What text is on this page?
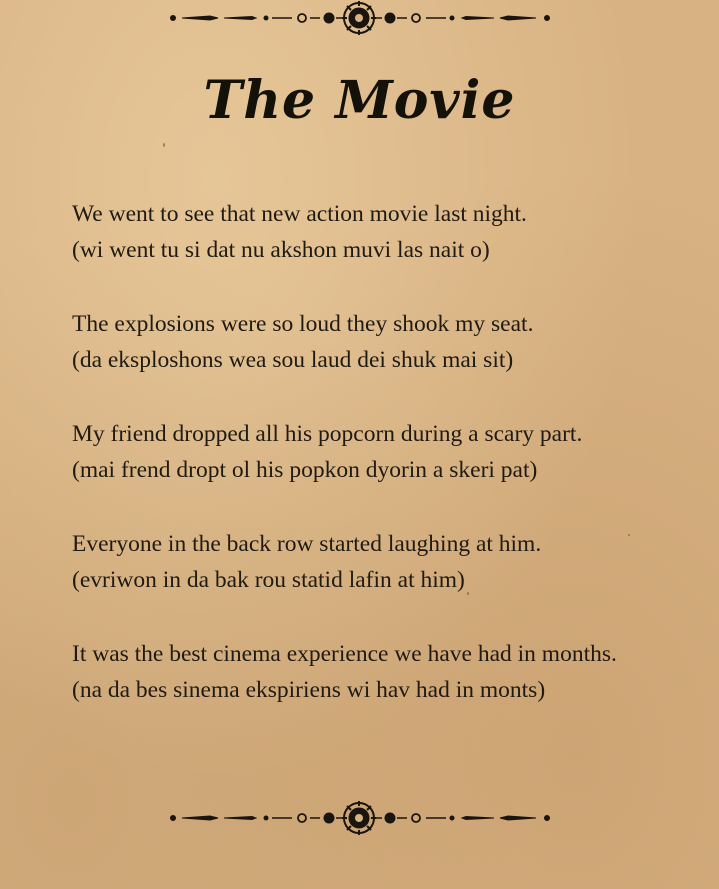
The Movie
We went to see that new action movie last night.
(wi went tu si dat nu akshon muvi las nait o)
The explosions were so loud they shook my seat.
(da eksploshons wea sou laud dei shuk mai sit)
My friend dropped all his popcorn during a scary part.
(mai frend dropt ol his popkon dyorin a skeri pat)
Everyone in the back row started laughing at him.
(evriwon in da bak rou statid lafin at him)
It was the best cinema experience we have had in months.
(na da bes sinema ekspiriens wi hav had in monts)
